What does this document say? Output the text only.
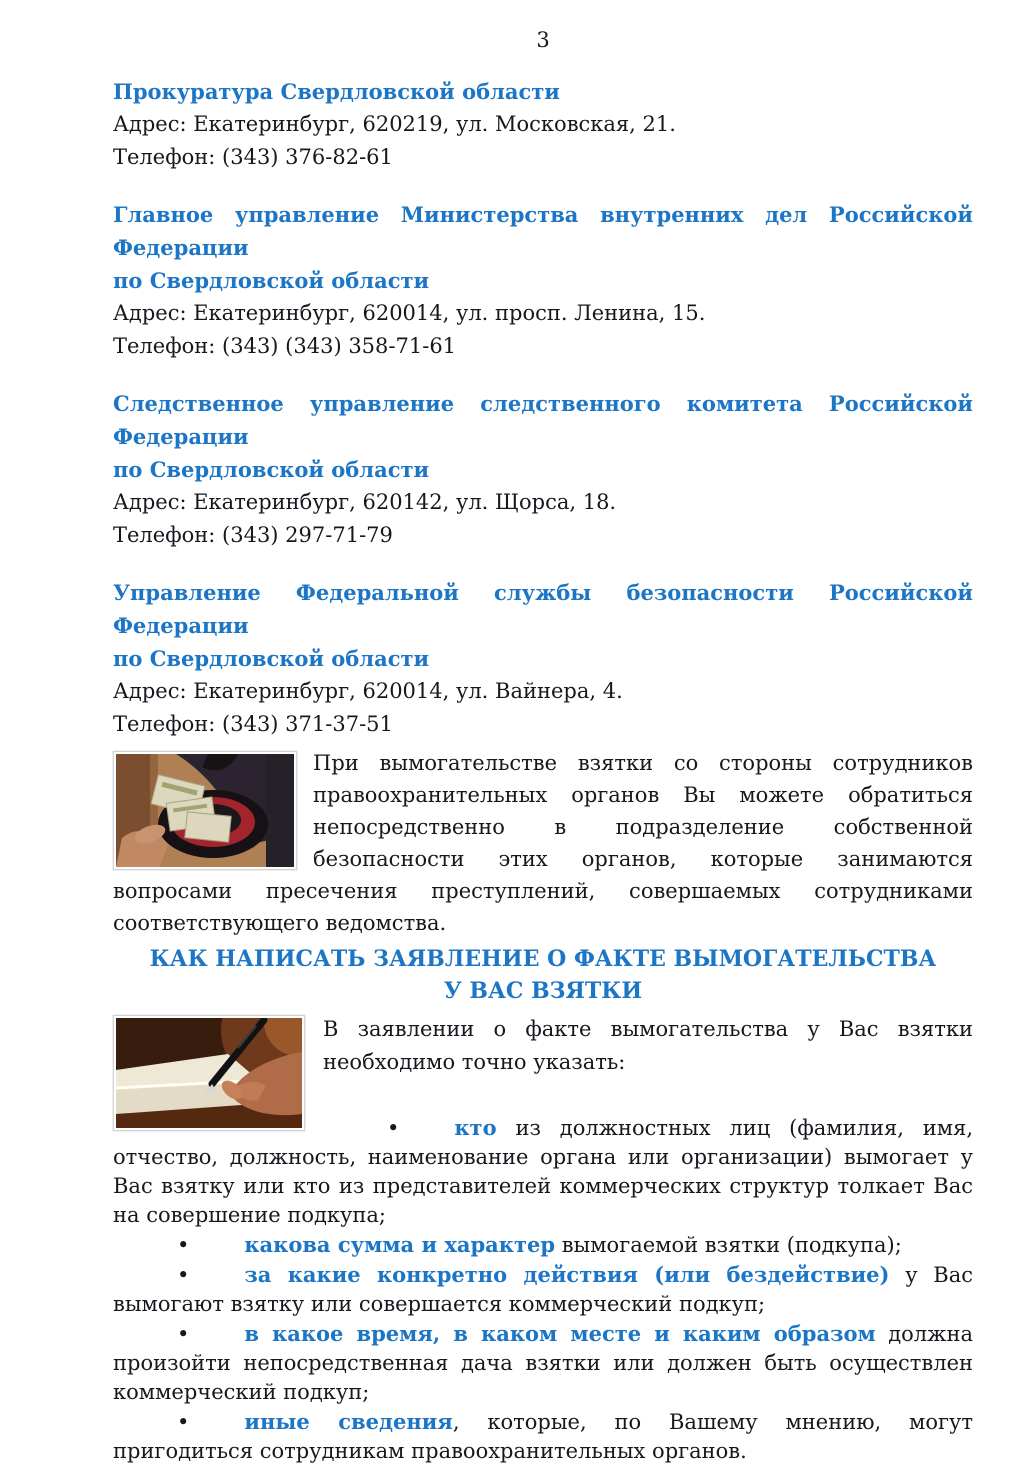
3

Прокуратура Свердловской области

Адрес: Екатеринбург, 620219, ул. Московская, 21.

Телефон: (343) 376-82-61

Главное управление Министерства внутренних дел Российской Федерации

по Свердловской области

Адрес: Екатеринбург, 620014, ул. просп. Ленина, 15.

Телефон: (343) (343) 358-71-61

Следственное управление следственного комитета Российской Федерации

по Свердловской области

Адрес: Екатеринбург, 620142, ул. Щорса, 18.

Телефон: (343) 297-71-79

Управление Федеральной службы безопасности Российской Федерации

по Свердловской области

Адрес: Екатеринбург, 620014, ул. Вайнера, 4.

Телефон: (343) 371-37-51

При вымогательстве взятки со стороны сотрудников правоохранительных органов Вы можете обратиться непосредственно в подразделение собственной безопасности этих органов, которые занимаются вопросами пресечения преступлений, совершаемых сотрудниками соответствующего ведомства.

КАК НАПИСАТЬ ЗАЯВЛЕНИЕ О ФАКТЕ ВЫМОГАТЕЛЬСТВА
У ВАС ВЗЯТКИ

В заявлении о факте вымогательства у Вас взятки необходимо точно указать:

•	кто из должностных лиц (фамилия, имя, отчество, должность, наименование органа или организации) вымогает у Вас взятку или кто из представителей коммерческих структур толкает Вас на совершение подкупа;

•	какова сумма и характер вымогаемой взятки (подкупа);

•	за какие конкретно действия (или бездействие) у Вас вымогают взятку или совершается коммерческий подкуп;

•	в какое время, в каком месте и каким образом должна произойти непосредственная дача взятки или должен быть осуществлен коммерческий подкуп;

•	иные сведения, которые, по Вашему мнению, могут пригодиться сотрудникам правоохранительных органов.
